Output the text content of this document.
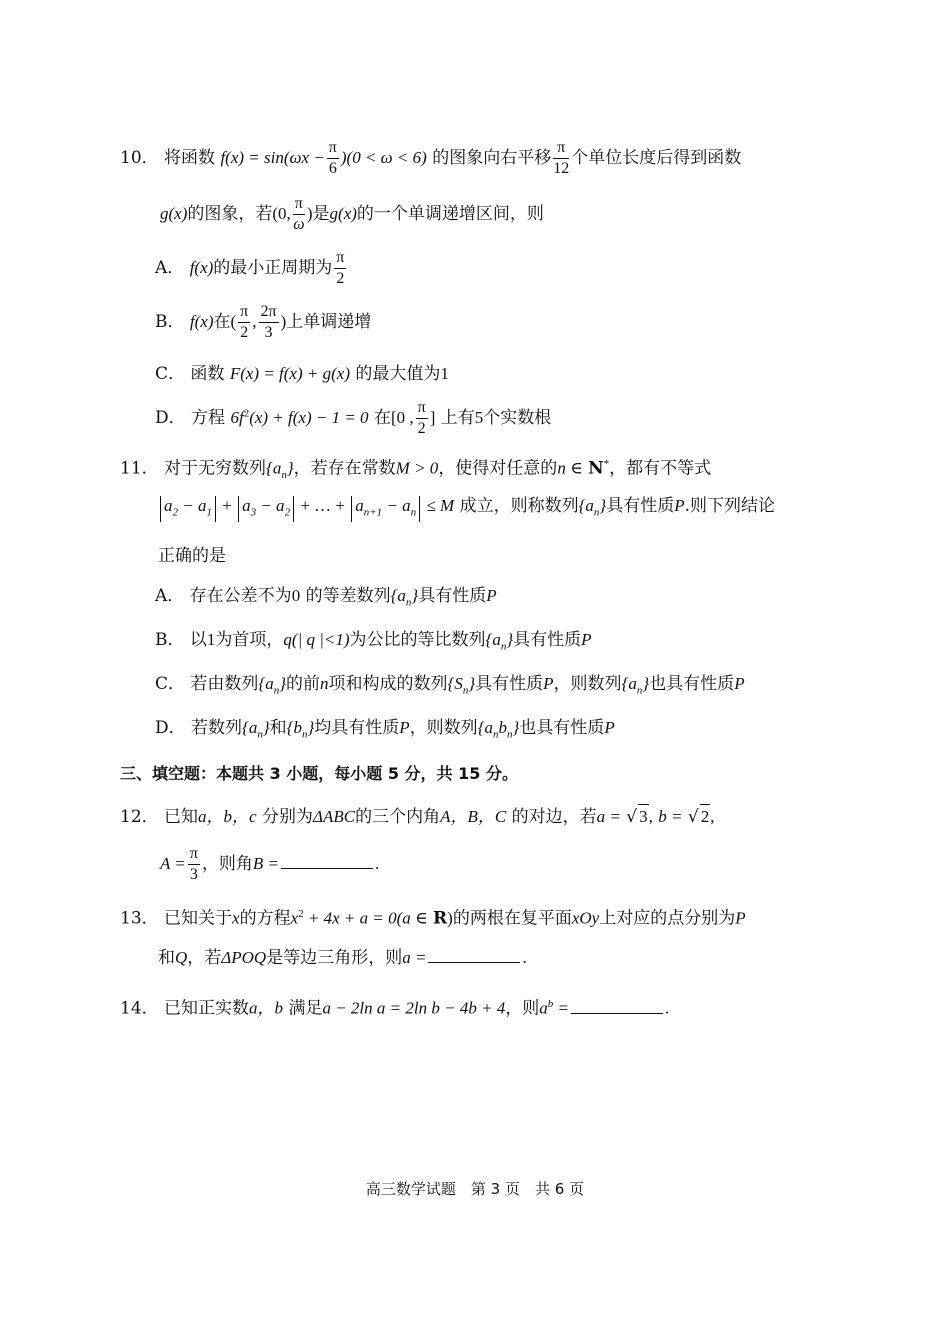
10． 将函数 $f(x) = \sin(\omega x - \frac{\pi}{6} )(0 < \omega < 6)$ 的图象向右平移 $\frac{\pi}{12}$ 个单位长度后得到函数
g(x)的图象，若(0, $\frac{\pi}{\omega}$ )是g(x)的一个单调递增区间，则
A． f(x)的最小正周期为 $\frac{\pi}{2}$
B． f(x)在( $\frac{\pi}{2}$ , $\frac{2\pi}{3}$ )上单调递增
C． 函数 F(x) = f(x) + g(x) 的最大值为1
D． 方程 $6f^2(x) + f(x) - 1 = 0$ 在[0 , $\frac{\pi}{2}$ ] 上有5个实数根
11． 对于无穷数列$\{a_n\}$，若存在常数M > 0，使得对任意的n ∈ N*，都有不等式
$a_2 - a_1 + a_3 - a_2$ + … + $a_{n+1} - a_n \le M$ 成立，则称数列$\{a_n\}$具有性质P.则下列结论
正确的是
A． 存在公差不为0 的等差数列$\{a_n\}$具有性质P
B． 以1为首项，q(| q |<1)为公比的等比数列$\{a_n\}$具有性质P
C． 若由数列$\{a_n\}$的前n项和构成的数列$\{S_n\}$具有性质P，则数列$\{a_n\}$也具有性质P
D． 若数列$\{a_n\}$和$\{b_n\}$均具有性质P，则数列$\{a_nb_n\}$也具有性质P
三、填空题：本题共 3 小题，每小题 5 分，共 15 分。
12． 已知a，b，c 分别为ΔABC的三个内角A，B，C 的对边，若a = √ 3, b = √ 2,
$A = \frac{\pi}{3}$ ，则角B =	.
13． 已知关于x的方程$x^2 + 4x + a = 0(a$ ∈ R)的两根在复平面xOy上对应的点分别为P
和Q，若ΔPOQ是等边三角形，则a =	.
14． 已知正实数a，b 满足a − 2ln a = 2ln b − 4b + 4，则$a^b$ =	.
高三数学试题　第 3 页　共 6 页
